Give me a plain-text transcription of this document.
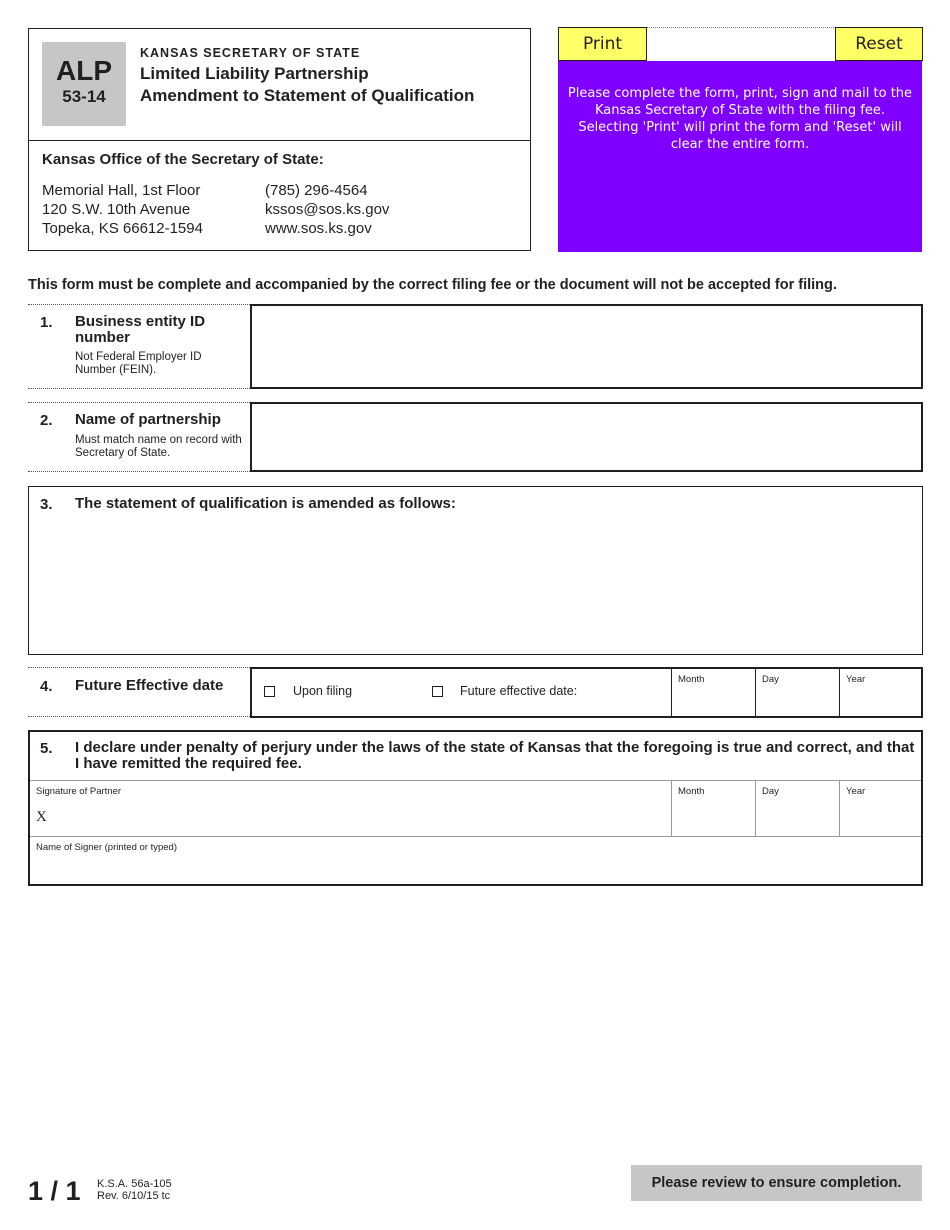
ALP
53-14
KANSAS SECRETARY OF STATE
Limited Liability Partnership
Amendment to Statement of Qualification
Kansas Office of the Secretary of State:
Memorial Hall, 1st Floor
120 S.W. 10th Avenue
Topeka, KS 66612-1594
(785) 296-4564
kssos@sos.ks.gov
www.sos.ks.gov
Print	Reset
Please complete the form, print, sign and mail to the Kansas Secretary of State with the filing fee. Selecting 'Print' will print the form and 'Reset' will clear the entire form.
This form must be complete and accompanied by the correct filing fee or the document will not be accepted for filing.
1. Business entity ID number
Not Federal Employer ID Number (FEIN).
2. Name of partnership
Must match name on record with Secretary of State.
3. The statement of qualification is amended as follows:
4. Future Effective date	Upon filing	Future effective date:
Month	Day	Year
5. I declare under penalty of perjury under the laws of the state of Kansas that the foregoing is true and correct, and that I have remitted the required fee.
Signature of Partner
X
Month	Day	Year
Name of Signer (printed or typed)
1 / 1 K.S.A. 56a-105
Rev. 6/10/15 tc
Please review to ensure completion.
